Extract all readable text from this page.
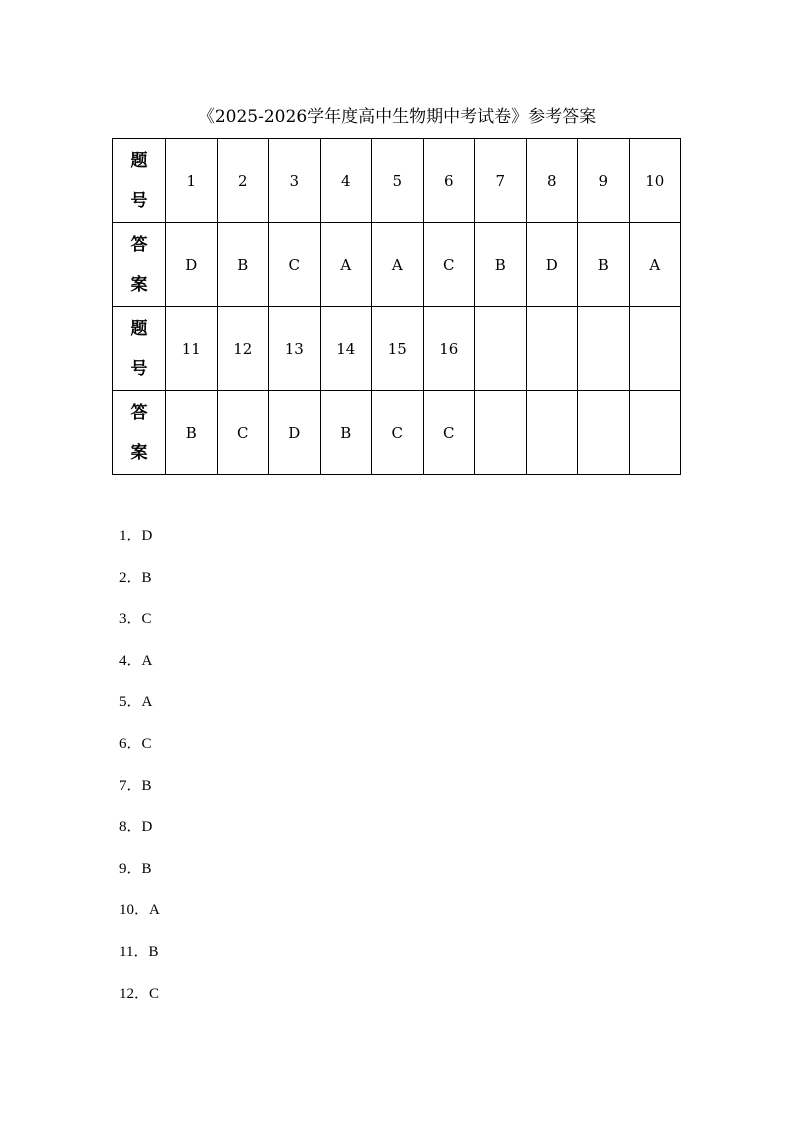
《2025-2026学年度高中生物期中考试卷》参考答案
题
号	1	2	3	4	5	6	7	8	9	10

答
案	D	B	C	A	A	C	B	D	B	A

题
号	11	12	13	14	15	16				

答
案	B	C	D	B	C	C				
1．D
2．B
3．C
4．A
5．A
6．C
7．B
8．D
9．B
10．A
11．B
12．C
